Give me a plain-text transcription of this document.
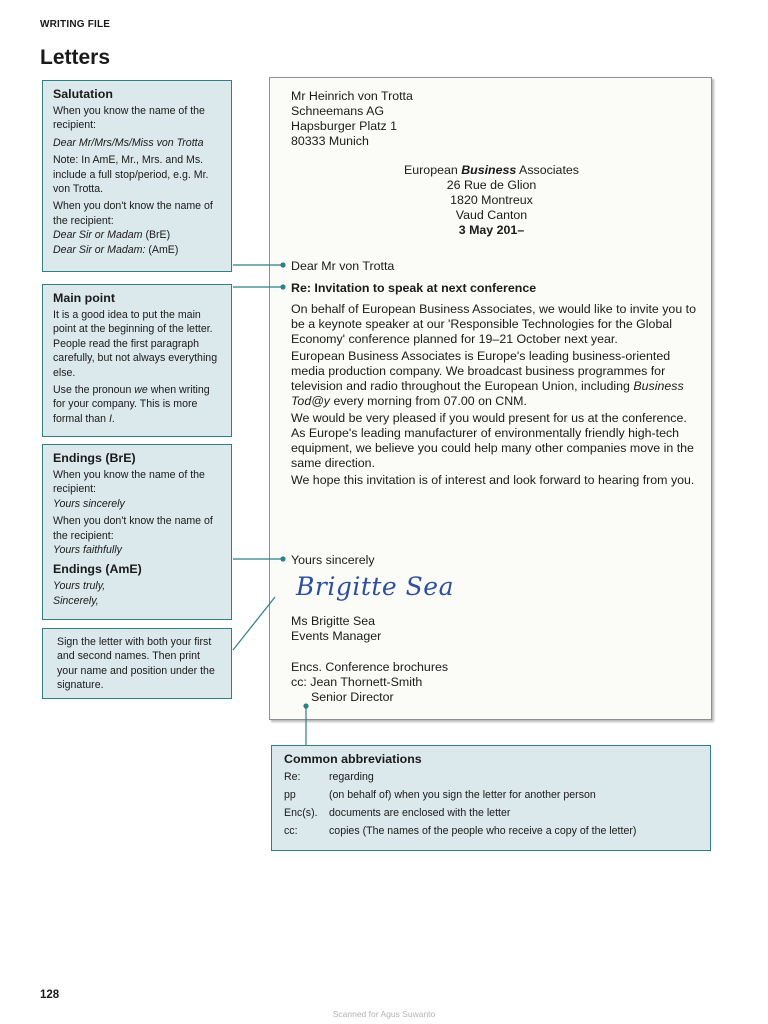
WRITING FILE
Letters
Salutation

When you know the name of the recipient:

Dear Mr/Mrs/Ms/Miss von Trotta

Note: In AmE, Mr., Mrs. and Ms. include a full stop/period, e.g. Mr. von Trotta.

When you don't know the name of the recipient:

Dear Sir or Madam (BrE)
Dear Sir or Madam: (AmE)
Main point

It is a good idea to put the main point at the beginning of the letter. People read the first paragraph carefully, but not always everything else.

Use the pronoun we when writing for your company. This is more formal than I.

Endings (BrE)

When you know the name of the recipient:

Yours sincerely

When you don't know the name of the recipient:

Yours faithfully

Endings (AmE)
Yours truly,
Sincerely,

Sign the letter with both your first and second names. Then print your name and position under the signature.

Mr Heinrich von Trotta
Schneemans AG
Hapsburger Platz 1
80333 Munich
European Business Associates
26 Rue de Glion
1820 Montreux
Vaud Canton
3 May 201–
Dear Mr von Trotta
Re: Invitation to speak at next conference

On behalf of European Business Associates, we would like to invite you to be a keynote speaker at our 'Responsible Technologies for the Global Economy' conference planned for 19–21 October next year.

European Business Associates is Europe's leading business-oriented media production company. We broadcast business programmes for television and radio throughout the European Union, including Business Tod@y every morning from 07.00 on CNM.

We would be very pleased if you would present for us at the conference. As Europe's leading manufacturer of environmentally friendly high-tech equipment, we believe you could help many other companies move in the same direction.

We hope this invitation is of interest and look forward to hearing from you.

Yours sincerely
Brigitte Sea
Ms Brigitte Sea
Events Manager
Encs. Conference brochures
cc: Jean Thornett-Smith
Senior Director
Common abbreviations
Re:	regarding
pp	(on behalf of) when you sign the letter for another person
Enc(s).	documents are enclosed with the letter
cc:	copies (The names of the people who receive a copy of the letter)
128
Scanned for Agus Suwanto
